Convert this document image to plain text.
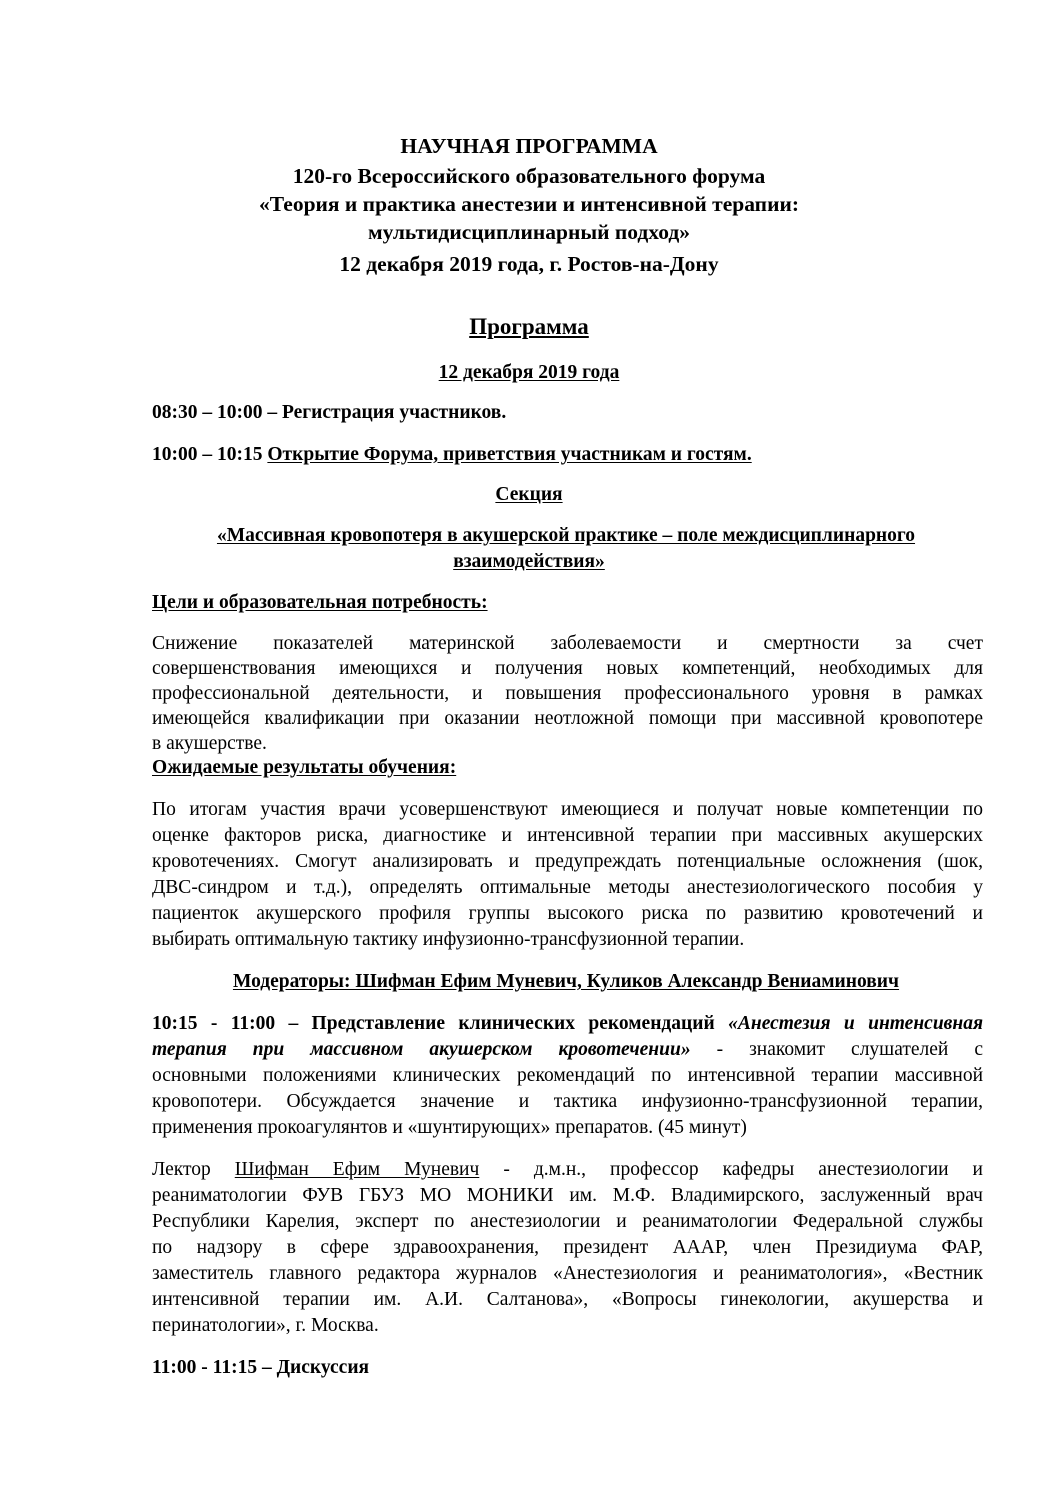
НАУЧНАЯ ПРОГРАММА
120-го Всероссийского образовательного форума
«Теория и практика анестезии и интенсивной терапии:
мультидисциплинарный подход»
12 декабря 2019 года, г. Ростов-на-Дону
Программа
12 декабря 2019 года
08:30 – 10:00 – Регистрация участников.
10:00 – 10:15 Открытие Форума, приветствия участникам и гостям.
Секция
«Массивная кровопотеря в акушерской практике – поле междисциплинарного
взаимодействия»
Цели и образовательная потребность:
Снижение показателей материнской заболеваемости и смертности за счет
совершенствования имеющихся и получения новых компетенций, необходимых для
профессиональной деятельности, и повышения профессионального уровня в рамках
имеющейся квалификации при оказании неотложной помощи при массивной кровопотере
в акушерстве.
Ожидаемые результаты обучения:
По итогам участия врачи усовершенствуют имеющиеся и получат новые компетенции по
оценке факторов риска, диагностике и интенсивной терапии при массивных акушерских
кровотечениях. Смогут анализировать и предупреждать потенциальные осложнения (шок,
ДВС-синдром и т.д.), определять оптимальные методы анестезиологического пособия у
пациенток акушерского профиля группы высокого риска по развитию кровотечений и
выбирать оптимальную тактику инфузионно-трансфузионной терапии.
Модераторы: Шифман Ефим Муневич, Куликов Александр Вениаминович
10:15 - 11:00 – Представление клинических рекомендаций «Анестезия и интенсивная
терапия при массивном акушерском кровотечении» - знакомит слушателей с
основными положениями клинических рекомендаций по интенсивной терапии массивной
кровопотери. Обсуждается значение и тактика инфузионно-трансфузионной терапии,
применения прокоагулянтов и «шунтирующих» препаратов. (45 минут)
Лектор Шифман Ефим Муневич - д.м.н., профессор кафедры анестезиологии и
реаниматологии ФУВ ГБУЗ МО МОНИКИ им. М.Ф. Владимирского, заслуженный врач
Республики Карелия, эксперт по анестезиологии и реаниматологии Федеральной службы
по надзору в сфере здравоохранения, президент АААР, член Президиума ФАР,
заместитель главного редактора журналов «Анестезиология и реаниматология», «Вестник
интенсивной терапии им. А.И. Салтанова», «Вопросы гинекологии, акушерства и
перинатологии», г. Москва.
11:00 - 11:15 – Дискуссия
